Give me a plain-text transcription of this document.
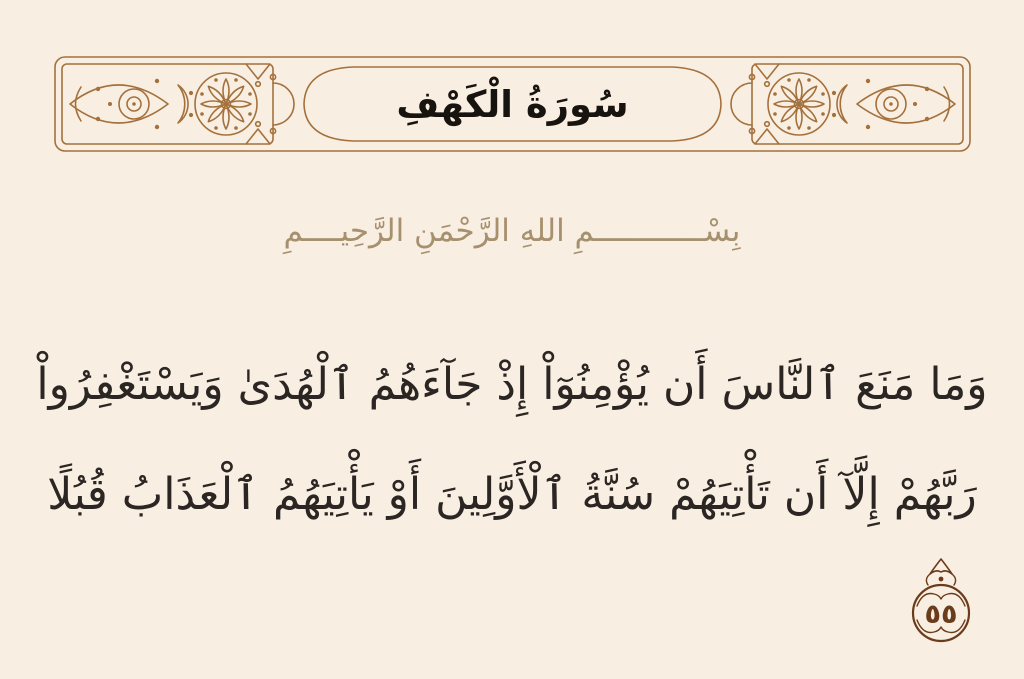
سُورَةُ الْكَهْفِ
بِسْــــــــــــمِ اللهِ الرَّحْمَنِ الرَّحِيــــمِ
وَمَا مَنَعَ ٱلنَّاسَ أَن يُؤْمِنُوٓاْ إِذْ جَآءَهُمُ ٱلْهُدَىٰ وَيَسْتَغْفِرُواْ
رَبَّهُمْ إِلَّآ أَن تَأْتِيَهُمْ سُنَّةُ ٱلْأَوَّلِينَ أَوْ يَأْتِيَهُمُ ٱلْعَذَابُ قُبُلًا
٥٥
